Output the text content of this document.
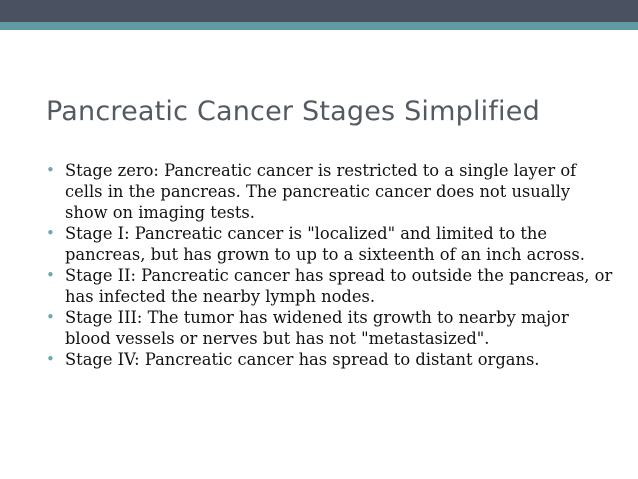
Pancreatic Cancer Stages Simplified
• Stage zero: Pancreatic cancer is restricted to a single layer of cells in the pancreas. The pancreatic cancer does not usually show on imaging tests.
• Stage I: Pancreatic cancer is "localized" and limited to the pancreas, but has grown to up to a sixteenth of an inch across.
• Stage II: Pancreatic cancer has spread to outside the pancreas, or has infected the nearby lymph nodes.
• Stage III: The tumor has widened its growth to nearby major blood vessels or nerves but has not "metastasized".
• Stage IV: Pancreatic cancer has spread to distant organs.
